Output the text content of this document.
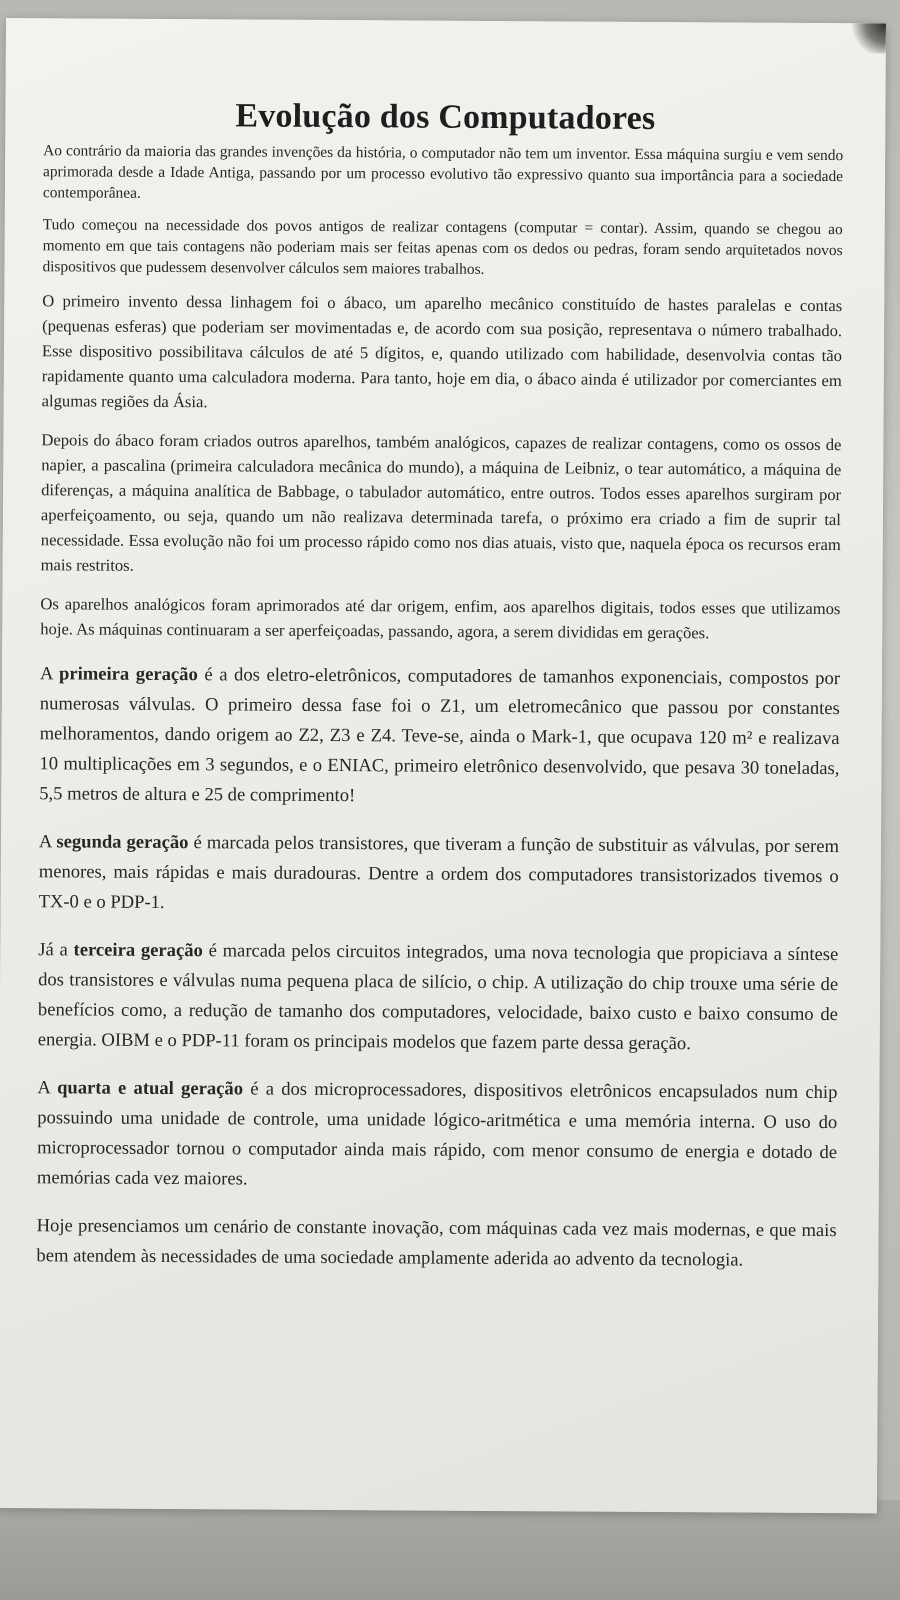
Evolução dos Computadores

Ao contrário da maioria das grandes invenções da história, o computador não tem um inventor. Essa máquina surgiu e vem sendo aprimorada desde a Idade Antiga, passando por um processo evolutivo tão expressivo quanto sua importância para a sociedade contemporânea.

Tudo começou na necessidade dos povos antigos de realizar contagens (computar = contar). Assim, quando se chegou ao momento em que tais contagens não poderiam mais ser feitas apenas com os dedos ou pedras, foram sendo arquitetados novos dispositivos que pudessem desenvolver cálculos sem maiores trabalhos.

O primeiro invento dessa linhagem foi o ábaco, um aparelho mecânico constituído de hastes paralelas e contas (pequenas esferas) que poderiam ser movimentadas e, de acordo com sua posição, representava o número trabalhado. Esse dispositivo possibilitava cálculos de até 5 dígitos, e, quando utilizado com habilidade, desenvolvia contas tão rapidamente quanto uma calculadora moderna. Para tanto, hoje em dia, o ábaco ainda é utilizador por comerciantes em algumas regiões da Ásia.

Depois do ábaco foram criados outros aparelhos, também analógicos, capazes de realizar contagens, como os ossos de napier, a pascalina (primeira calculadora mecânica do mundo), a máquina de Leibniz, o tear automático, a máquina de diferenças, a máquina analítica de Babbage, o tabulador automático, entre outros. Todos esses aparelhos surgiram por aperfeiçoamento, ou seja, quando um não realizava determinada tarefa, o próximo era criado a fim de suprir tal necessidade. Essa evolução não foi um processo rápido como nos dias atuais, visto que, naquela época os recursos eram mais restritos.

Os aparelhos analógicos foram aprimorados até dar origem, enfim, aos aparelhos digitais, todos esses que utilizamos hoje. As máquinas continuaram a ser aperfeiçoadas, passando, agora, a serem divididas em gerações.

A primeira geração é a dos eletro-eletrônicos, computadores de tamanhos exponenciais, compostos por numerosas válvulas. O primeiro dessa fase foi o Z1, um eletromecânico que passou por constantes melhoramentos, dando origem ao Z2, Z3 e Z4. Teve-se, ainda o Mark-1, que ocupava 120 m² e realizava 10 multiplicações em 3 segundos, e o ENIAC, primeiro eletrônico desenvolvido, que pesava 30 toneladas, 5,5 metros de altura e 25 de comprimento!

A segunda geração é marcada pelos transistores, que tiveram a função de substituir as válvulas, por serem menores, mais rápidas e mais duradouras. Dentre a ordem dos computadores transistorizados tivemos o TX-0 e o PDP-1.

Já a terceira geração é marcada pelos circuitos integrados, uma nova tecnologia que propiciava a síntese dos transistores e válvulas numa pequena placa de silício, o chip. A utilização do chip trouxe uma série de benefícios como, a redução de tamanho dos computadores, velocidade, baixo custo e baixo consumo de energia. OIBM e o PDP-11 foram os principais modelos que fazem parte dessa geração.

A quarta e atual geração é a dos microprocessadores, dispositivos eletrônicos encapsulados num chip possuindo uma unidade de controle, uma unidade lógico-aritmética e uma memória interna. O uso do microprocessador tornou o computador ainda mais rápido, com menor consumo de energia e dotado de memórias cada vez maiores.

Hoje presenciamos um cenário de constante inovação, com máquinas cada vez mais modernas, e que mais bem atendem às necessidades de uma sociedade amplamente aderida ao advento da tecnologia.
